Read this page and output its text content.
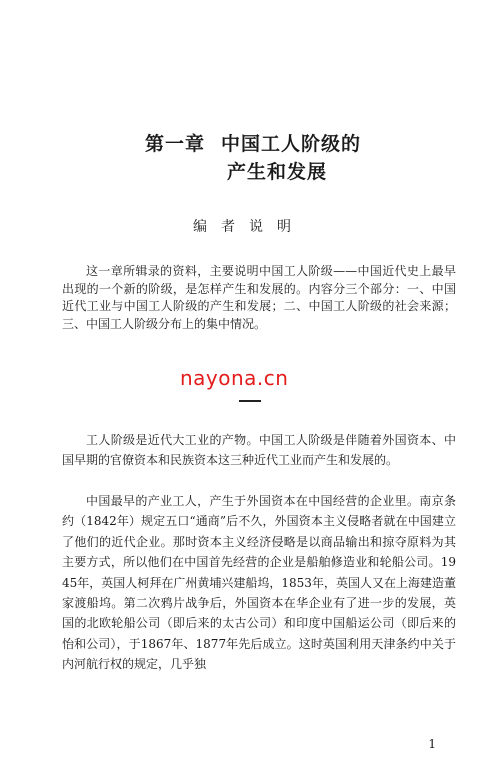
第一章 中国工人阶级的
产生和发展
编者说明

这一章所辑录的资料，主要说明中国工人阶级——中国近代史上最早出现的一个新的阶级，是怎样产生和发展的。内容分三个部分：一、中国近代工业与中国工人阶级的产生和发展；二、中国工人阶级的社会来源；三、中国工人阶级分布上的集中情况。

nayona.cn

工人阶级是近代大工业的产物。中国工人阶级是伴随着外国资本、中国早期的官僚资本和民族资本这三种近代工业而产生和发展的。

中国最早的产业工人，产生于外国资本在中国经营的企业里。南京条约（1842年）规定五口“通商”后不久，外国资本主义侵略者就在中国建立了他们的近代企业。那时资本主义经济侵略是以商品输出和掠夺原料为其主要方式，所以他们在中国首先经营的企业是船舶修造业和轮船公司。1945年，英国人柯拜在广州黄埔兴建船坞，1853年，英国人又在上海建造董家渡船坞。第二次鸦片战争后，外国资本在华企业有了进一步的发展，英国的北欧轮船公司（即后来的太古公司）和印度中国船运公司（即后来的怡和公司），于1867年、1877年先后成立。这时英国利用天津条约中关于内河航行权的规定，几乎独

1
